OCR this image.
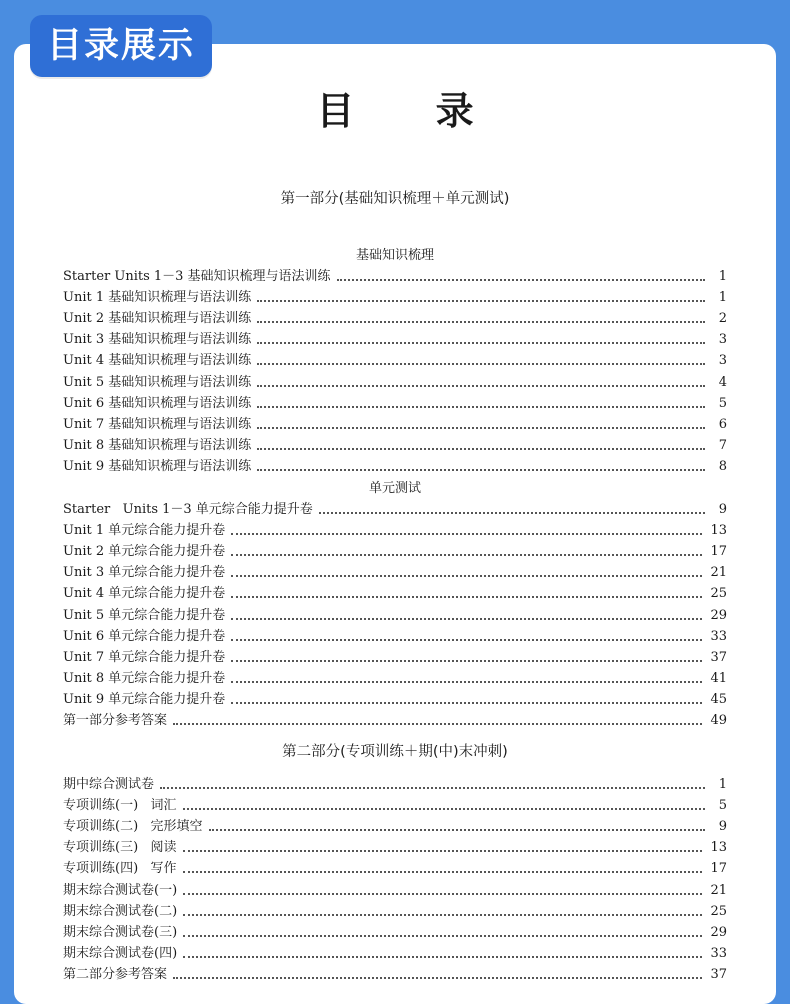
目录展示
目 录
第一部分(基础知识梳理＋单元测试)
基础知识梳理
Starter Units 1－3 基础知识梳理与语法训练	1
Unit 1 基础知识梳理与语法训练	1
Unit 2 基础知识梳理与语法训练	2
Unit 3 基础知识梳理与语法训练	3
Unit 4 基础知识梳理与语法训练	3
Unit 5 基础知识梳理与语法训练	4
Unit 6 基础知识梳理与语法训练	5
Unit 7 基础知识梳理与语法训练	6
Unit 8 基础知识梳理与语法训练	7
Unit 9 基础知识梳理与语法训练	8
单元测试
Starter   Units 1－3 单元综合能力提升卷	9
Unit 1 单元综合能力提升卷	13
Unit 2 单元综合能力提升卷	17
Unit 3 单元综合能力提升卷	21
Unit 4 单元综合能力提升卷	25
Unit 5 单元综合能力提升卷	29
Unit 6 单元综合能力提升卷	33
Unit 7 单元综合能力提升卷	37
Unit 8 单元综合能力提升卷	41
Unit 9 单元综合能力提升卷	45
第一部分参考答案	49
第二部分(专项训练＋期(中)末冲刺)
期中综合测试卷	1
专项训练(一)   词汇	5
专项训练(二)   完形填空	9
专项训练(三)   阅读	13
专项训练(四)   写作	17
期末综合测试卷(一)	21
期末综合测试卷(二)	25
期末综合测试卷(三)	29
期末综合测试卷(四)	33
第二部分参考答案	37
